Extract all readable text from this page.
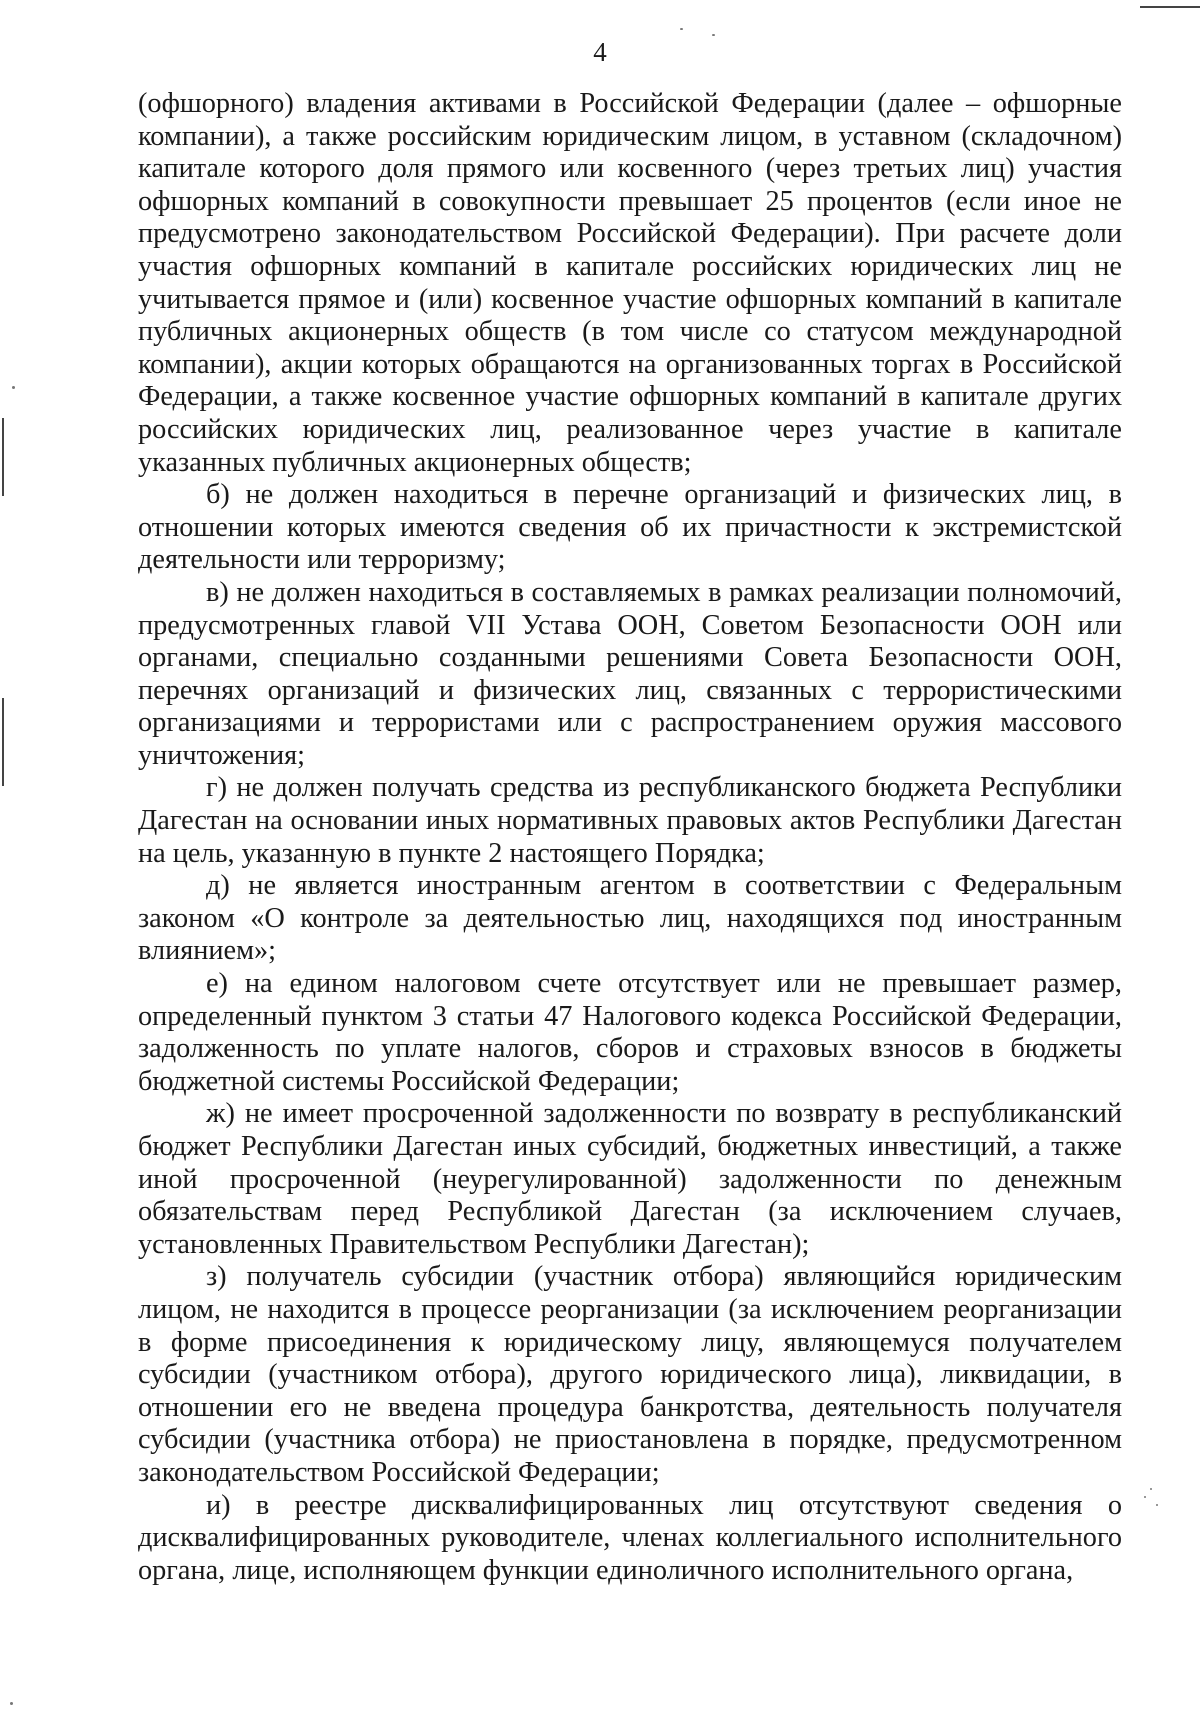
4

(офшорного) владения активами в Российской Федерации (далее – офшорные компании), а также российским юридическим лицом, в уставном (складочном) капитале которого доля прямого или косвенного (через третьих лиц) участия офшорных компаний в совокупности превышает 25 процентов (если иное не предусмотрено законодательством Российской Федерации). При расчете доли участия офшорных компаний в капитале российских юридических лиц не учитывается прямое и (или) косвенное участие офшорных компаний в капитале публичных акционерных обществ (в том числе со статусом международной компании), акции которых обращаются на организованных торгах в Российской Федерации, а также косвенное участие офшорных компаний в капитале других российских юридических лиц, реализованное через участие в капитале указанных публичных акционерных обществ;

б) не должен находиться в перечне организаций и физических лиц, в отношении которых имеются сведения об их причастности к экстремистской деятельности или терроризму;

в) не должен находиться в составляемых в рамках реализации полномочий, предусмотренных главой VII Устава ООН, Советом Безопасности ООН или органами, специально созданными решениями Совета Безопасности ООН, перечнях организаций и физических лиц, связанных с террористическими организациями и террористами или с распространением оружия массового уничтожения;

г) не должен получать средства из республиканского бюджета Республики Дагестан на основании иных нормативных правовых актов Республики Дагестан на цель, указанную в пункте 2 настоящего Порядка;

д) не является иностранным агентом в соответствии с Федеральным законом «О контроле за деятельностью лиц, находящихся под иностранным влиянием»;

е) на едином налоговом счете отсутствует или не превышает размер, определенный пунктом 3 статьи 47 Налогового кодекса Российской Федерации, задолженность по уплате налогов, сборов и страховых взносов в бюджеты бюджетной системы Российской Федерации;

ж) не имеет просроченной задолженности по возврату в республиканский бюджет Республики Дагестан иных субсидий, бюджетных инвестиций, а также иной просроченной (неурегулированной) задолженности по денежным обязательствам перед Республикой Дагестан (за исключением случаев, установленных Правительством Республики Дагестан);

з) получатель субсидии (участник отбора) являющийся юридическим лицом, не находится в процессе реорганизации (за исключением реорганизации в форме присоединения к юридическому лицу, являющемуся получателем субсидии (участником отбора), другого юридического лица), ликвидации, в отношении его не введена процедура банкротства, деятельность получателя субсидии (участника отбора) не приостановлена в порядке, предусмотренном законодательством Российской Федерации;

и) в реестре дисквалифицированных лиц отсутствуют сведения о дисквалифицированных руководителе, членах коллегиального исполнительного органа, лице, исполняющем функции единоличного исполнительного органа,
